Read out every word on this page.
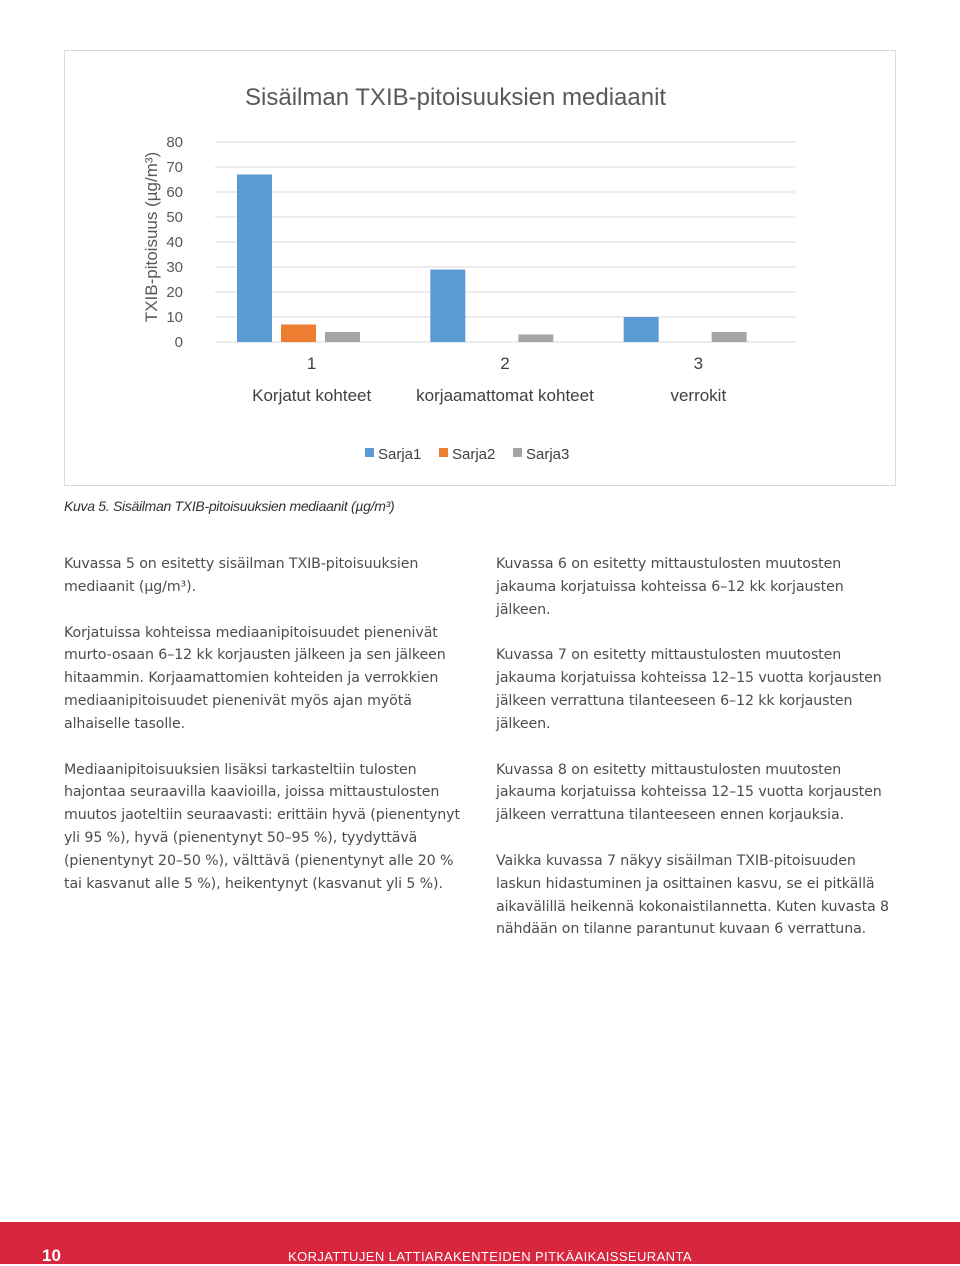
Sisäilman TXIB-pitoisuuksien mediaanit
TXIB-pitoisuus (µg/m³)
0
10
20
30
40
50
60
70
80
1
Korjatut kohteet
2
korjaamattomat kohteet
3
verrokit
Sarja1 Sarja2 Sarja3
Kuva 5. Sisäilman TXIB-pitoisuuksien mediaanit (µg/m³)

Kuvassa 5 on esitetty sisäilman TXIB-pitoisuuksien mediaanit (µg/m³).

Korjatuissa kohteissa mediaanipitoisuudet pienenivät murto-osaan 6–12 kk korjausten jälkeen ja sen jälkeen hitaammin. Korjaamattomien kohteiden ja verrokkien mediaanipitoisuudet pienenivät myös ajan myötä alhaiselle tasolle.

Mediaanipitoisuuksien lisäksi tarkasteltiin tulosten hajontaa seuraavilla kaavioilla, joissa mittaustulosten muutos jaoteltiin seuraavasti: erittäin hyvä (pienentynyt yli 95 %), hyvä (pienentynyt 50–95 %), tyydyttävä (pienentynyt 20–50 %), välttävä (pienentynyt alle 20 % tai kasvanut alle 5 %), heikentynyt (kasvanut yli 5 %).

Kuvassa 6 on esitetty mittaustulosten muutosten jakauma korjatuissa kohteissa 6–12 kk korjausten jälkeen.

Kuvassa 7 on esitetty mittaustulosten muutosten jakauma korjatuissa kohteissa 12–15 vuotta korjausten jälkeen verrattuna tilanteeseen 6–12 kk korjausten jälkeen.

Kuvassa 8 on esitetty mittaustulosten muutosten jakauma korjatuissa kohteissa 12–15 vuotta korjausten jälkeen verrattuna tilanteeseen ennen korjauksia.

Vaikka kuvassa 7 näkyy sisäilman TXIB-pitoisuuden laskun hidastuminen ja osittainen kasvu, se ei pitkällä aikavälillä heikennä kokonaistilannetta. Kuten kuvasta 8 nähdään on tilanne parantunut kuvaan 6 verrattuna.

10	KORJATTUJEN LATTIARAKENTEIDEN PITKÄAIKAISSEURANTA
